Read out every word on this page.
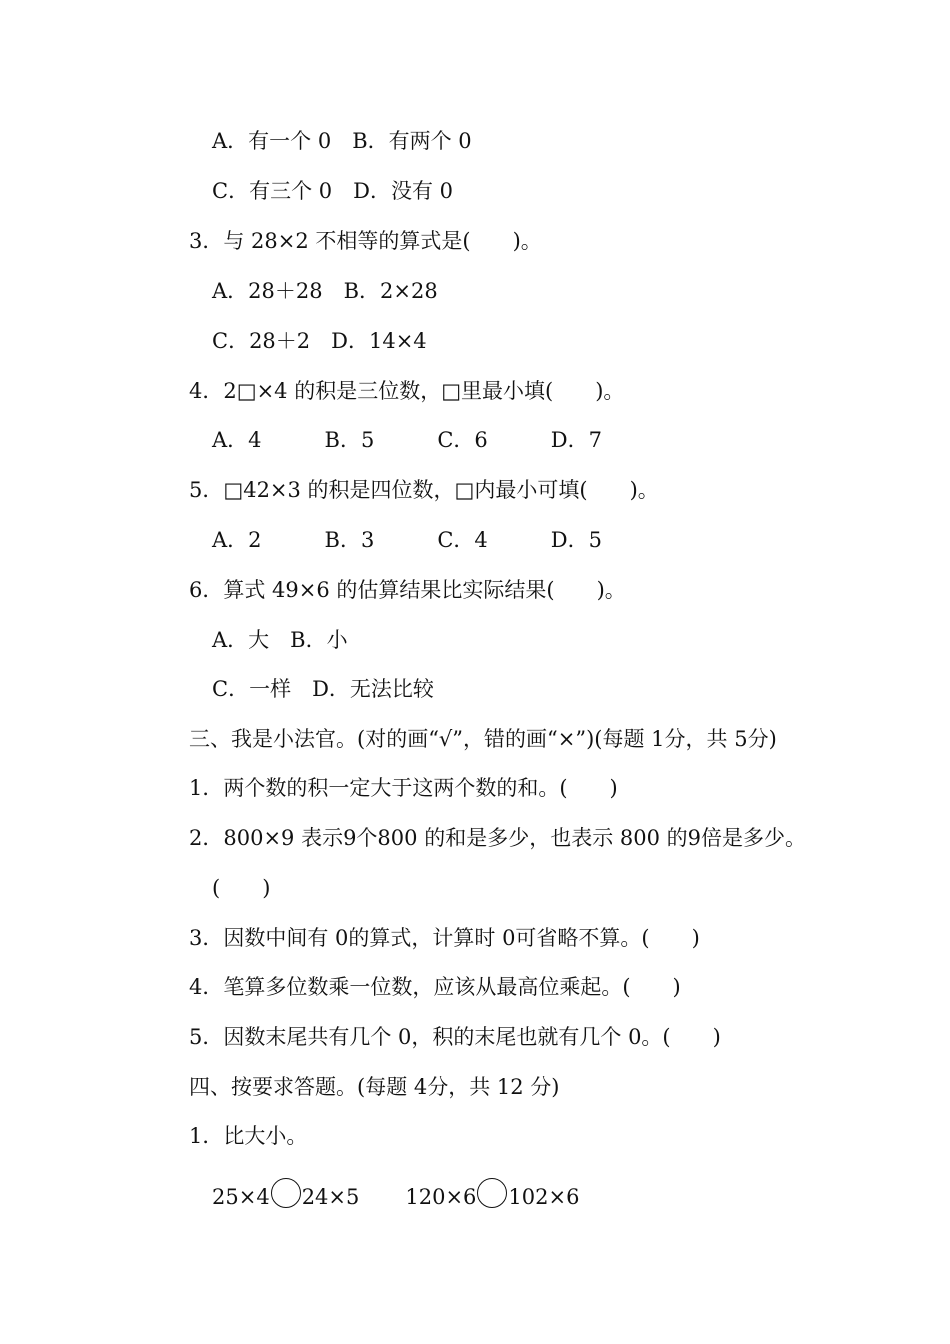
A．有一个 0　B．有两个 0
C．有三个 0　D．没有 0
3．与 28×2 不相等的算式是(　　)。
A．28＋28　B．2×28
C．28＋2　D．14×4
4．2□×4 的积是三位数，□里最小填(　　)。
A．4　　　B．5　　　C．6　　　D．7
5．□42×3 的积是四位数，□内最小可填(　　)。
A．2　　　B．3　　　C．4　　　D．5
6．算式 49×6 的估算结果比实际结果(　　)。
A．大　B．小
C．一样　D．无法比较
三、我是小法官。(对的画“√”，错的画“×”)(每题 1分，共 5分)
1．两个数的积一定大于这两个数的和。(　　)
2．800×9 表示9个800 的和是多少，也表示 800 的9倍是多少。
(　　)
3．因数中间有 0的算式，计算时 0可省略不算。(　　)
4．笔算多位数乘一位数，应该从最高位乘起。(　　)
5．因数末尾共有几个 0，积的末尾也就有几个 0。(　　)
四、按要求答题。(每题 4分，共 12 分)
1．比大小。
25×4 24×5 120×6 102×6
